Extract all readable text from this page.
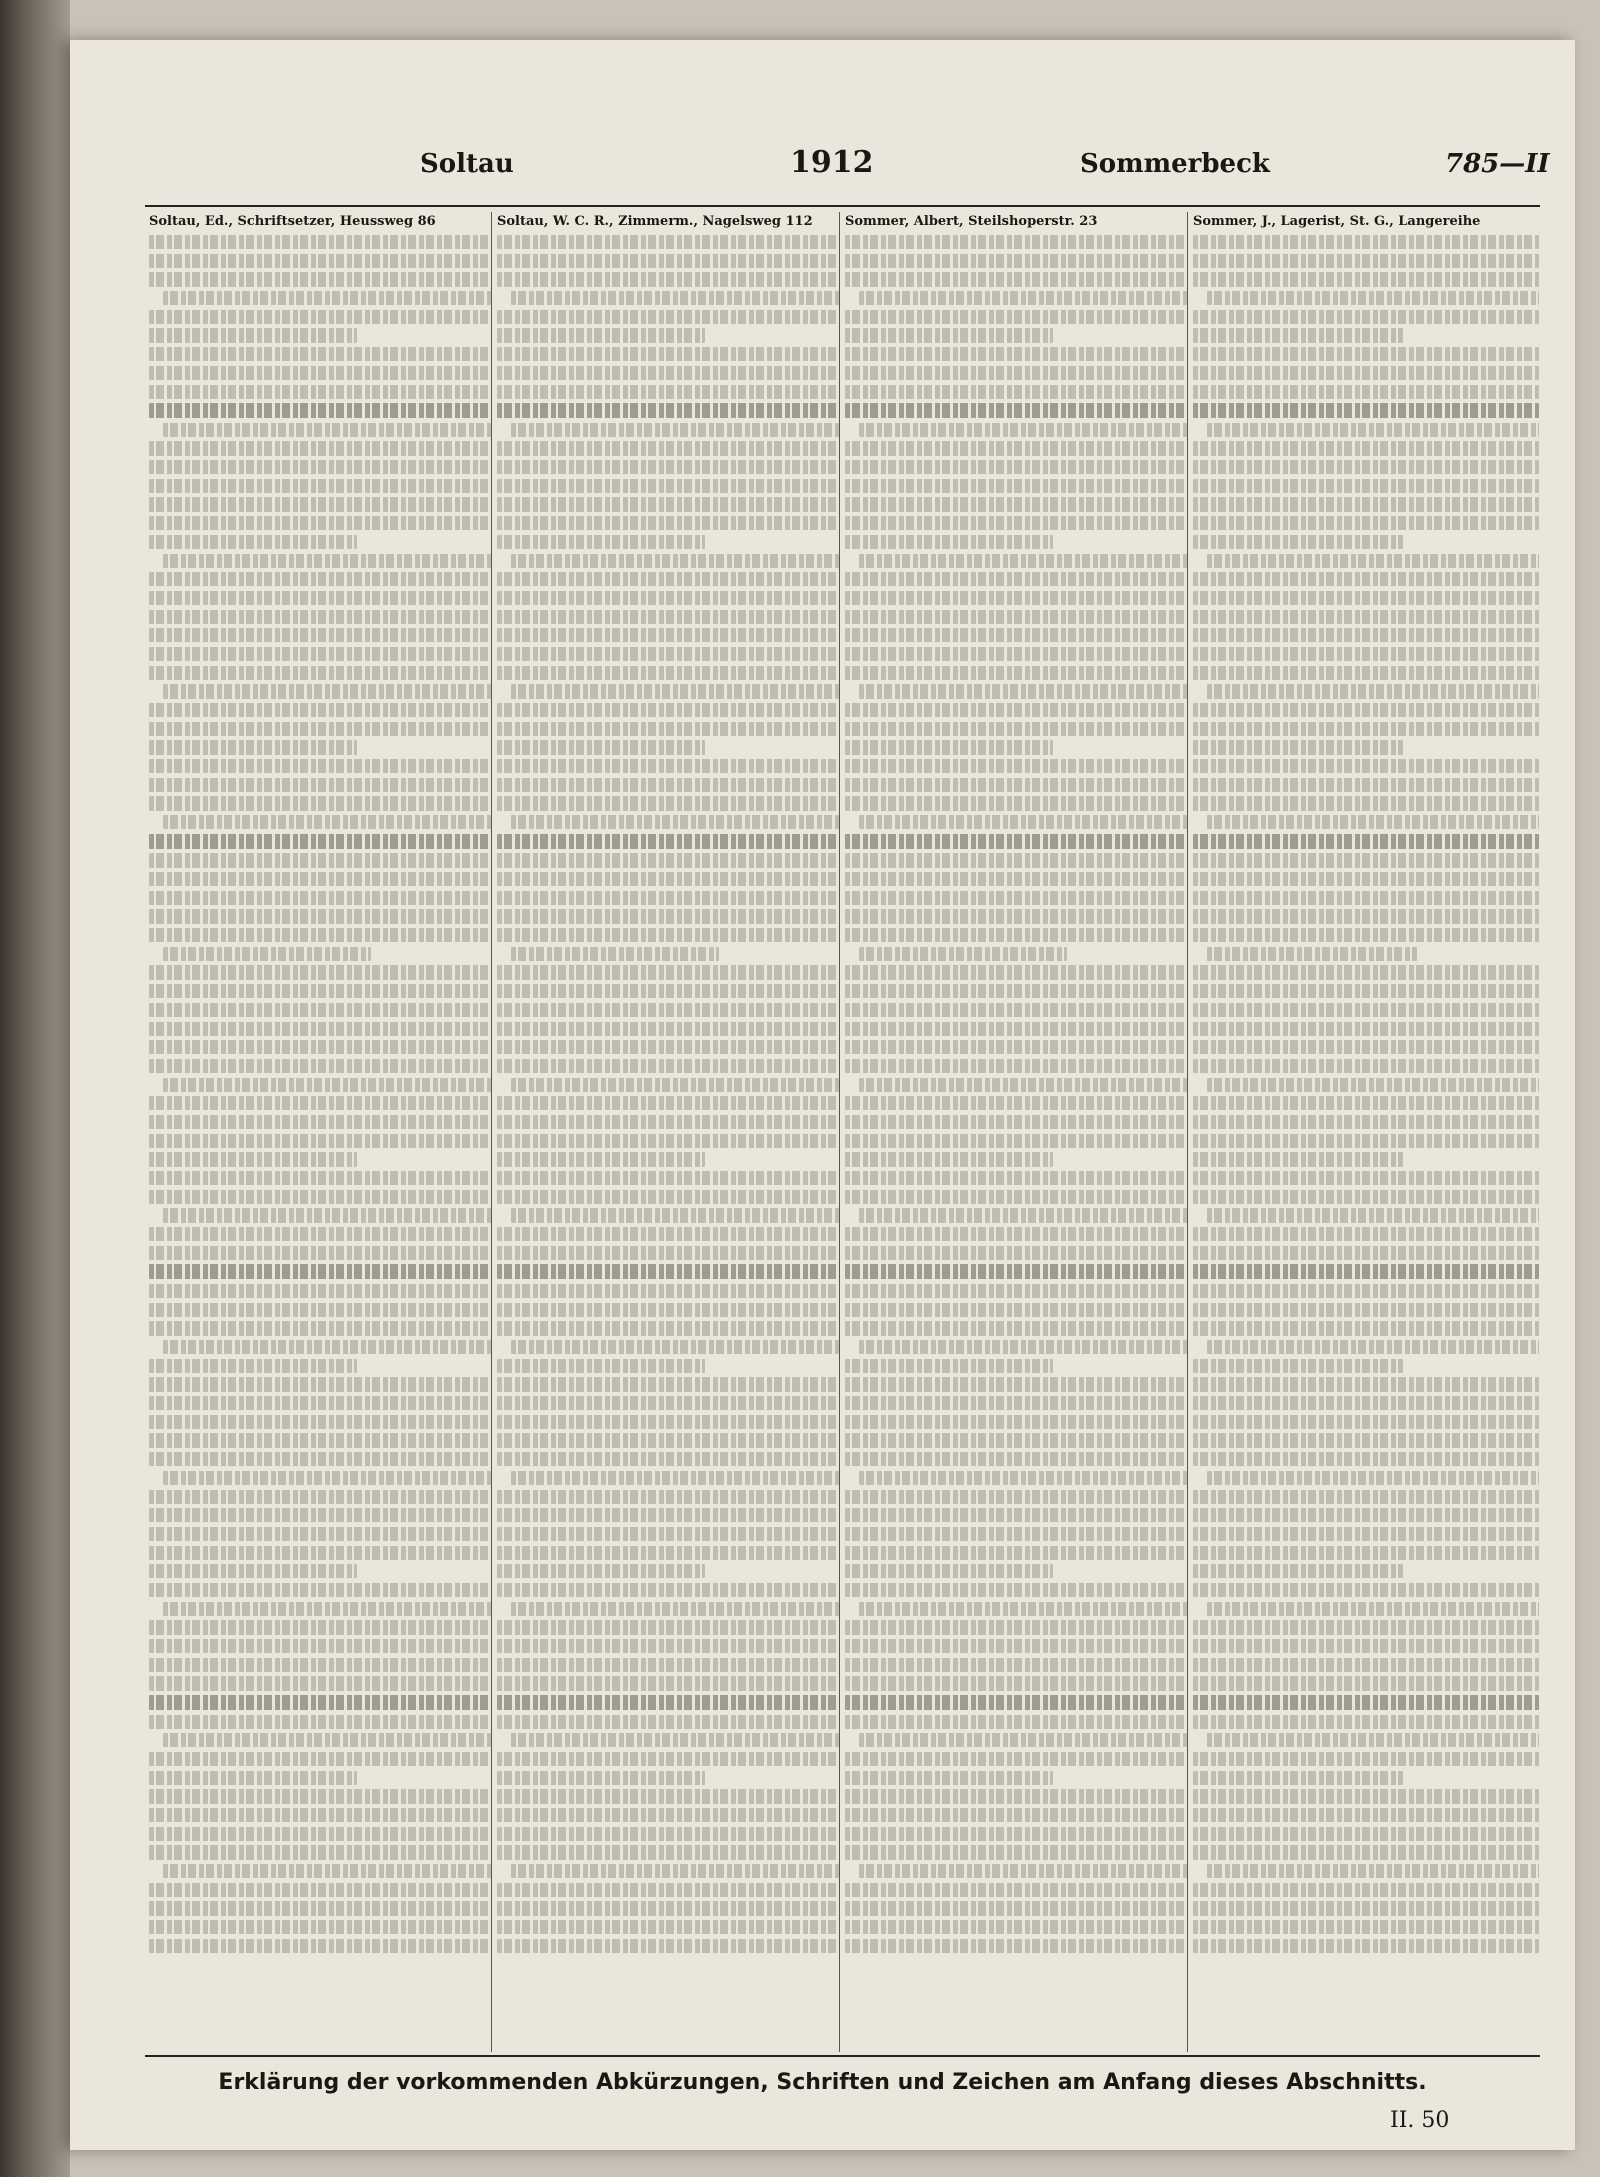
Soltau	1912	Sommerbeck	785—II
Soltau, Ed., Schriftsetzer, Heussweg 86	Soltau, W. C. R., Zimmerm., Nagelsweg 112	Sommer, Albert, Steilshoperstr. 23	Sommer, J., Lagerist, St. G., Langereihe
Erklärung der vorkommenden Abkürzungen, Schriften und Zeichen am Anfang dieses Abschnitts.
II. 50
